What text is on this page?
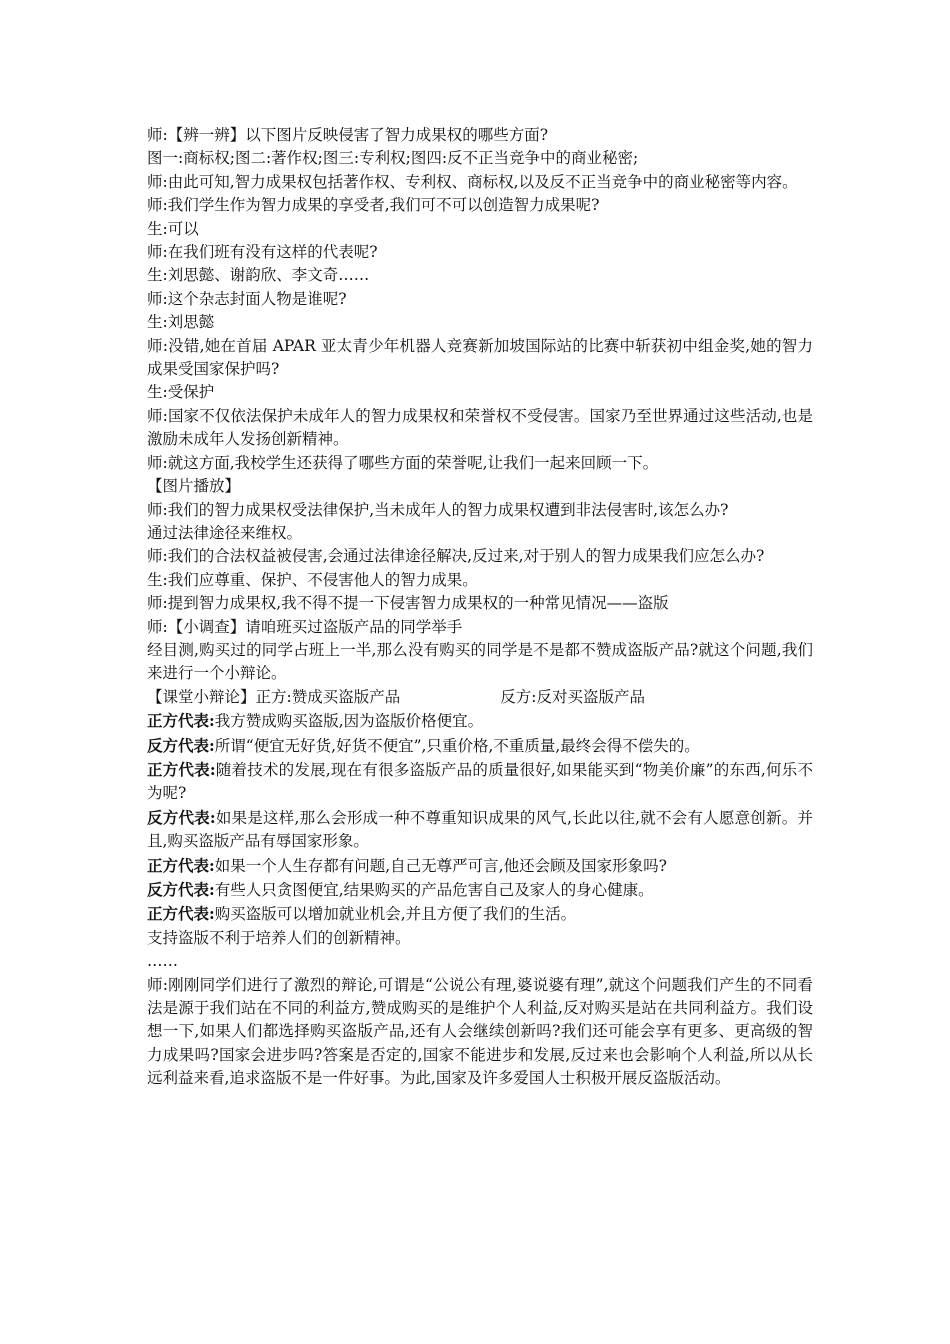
师:【辨一辨】以下图片反映侵害了智力成果权的哪些方面?

图一:商标权;图二:著作权;图三:专利权;图四:反不正当竞争中的商业秘密;

师:由此可知,智力成果权包括著作权、专利权、商标权,以及反不正当竞争中的商业秘密等内容。

师:我们学生作为智力成果的享受者,我们可不可以创造智力成果呢?

生:可以

师:在我们班有没有这样的代表呢?

生:刘思懿、谢韵欣、李文奇……

师:这个杂志封面人物是谁呢?

生:刘思懿

师:没错,她在首届 APAR 亚太青少年机器人竞赛新加坡国际站的比赛中斩获初中组金奖,她的智力成果受国家保护吗?

生:受保护

师:国家不仅依法保护未成年人的智力成果权和荣誉权不受侵害。国家乃至世界通过这些活动,也是激励未成年人发扬创新精神。

师:就这方面,我校学生还获得了哪些方面的荣誉呢,让我们一起来回顾一下。

【图片播放】

师:我们的智力成果权受法律保护,当未成年人的智力成果权遭到非法侵害时,该怎么办?

通过法律途径来维权。

师:我们的合法权益被侵害,会通过法律途径解决,反过来,对于别人的智力成果我们应怎么办?

生:我们应尊重、保护、不侵害他人的智力成果。

师:提到智力成果权,我不得不提一下侵害智力成果权的一种常见情况——盗版

师:【小调查】请咱班买过盗版产品的同学举手

经目测,购买过的同学占班上一半,那么没有购买的同学是不是都不赞成盗版产品?就这个问题,我们来进行一个小辩论。

【课堂小辩论】正方:赞成买盗版产品	反方:反对买盗版产品

正方代表:我方赞成购买盗版,因为盗版价格便宜。

反方代表:所谓“便宜无好货,好货不便宜”,只重价格,不重质量,最终会得不偿失的。

正方代表:随着技术的发展,现在有很多盗版产品的质量很好,如果能买到“物美价廉”的东西,何乐不为呢?

反方代表:如果是这样,那么会形成一种不尊重知识成果的风气,长此以往,就不会有人愿意创新。并且,购买盗版产品有辱国家形象。

正方代表:如果一个人生存都有问题,自己无尊严可言,他还会顾及国家形象吗?

反方代表:有些人只贪图便宜,结果购买的产品危害自己及家人的身心健康。

正方代表:购买盗版可以增加就业机会,并且方便了我们的生活。

支持盗版不利于培养人们的创新精神。

……

师:刚刚同学们进行了激烈的辩论,可谓是“公说公有理,婆说婆有理”,就这个问题我们产生的不同看法是源于我们站在不同的利益方,赞成购买的是维护个人利益,反对购买是站在共同利益方。我们设想一下,如果人们都选择购买盗版产品,还有人会继续创新吗?我们还可能会享有更多、更高级的智力成果吗?国家会进步吗?答案是否定的,国家不能进步和发展,反过来也会影响个人利益,所以从长远利益来看,追求盗版不是一件好事。为此,国家及许多爱国人士积极开展反盗版活动。
